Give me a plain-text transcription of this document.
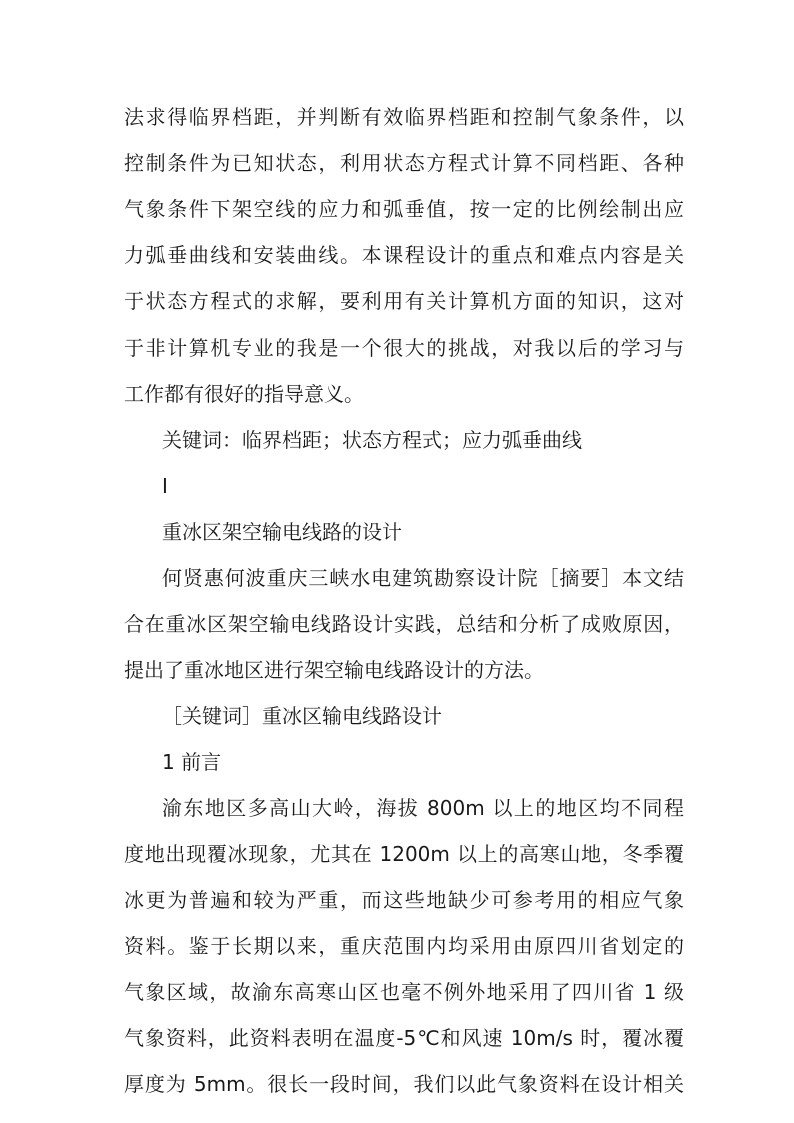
法求得临界档距，并判断有效临界档距和控制气象条件，以
控制条件为已知状态，利用状态方程式计算不同档距、各种
气象条件下架空线的应力和弧垂值，按一定的比例绘制出应
力弧垂曲线和安装曲线。本课程设计的重点和难点内容是关
于状态方程式的求解，要利用有关计算机方面的知识，这对
于非计算机专业的我是一个很大的挑战，对我以后的学习与
工作都有很好的指导意义。
关键词：临界档距；状态方程式；应力弧垂曲线
I
重冰区架空输电线路的设计
何贤惠何波重庆三峡水电建筑勘察设计院［摘要］本文结
合在重冰区架空输电线路设计实践，总结和分析了成败原因，
提出了重冰地区进行架空输电线路设计的方法。
［关键词］重冰区输电线路设计
1 前言
渝东地区多高山大岭，海拔 800m 以上的地区均不同程
度地出现覆冰现象，尤其在 1200m 以上的高寒山地，冬季覆
冰更为普遍和较为严重，而这些地缺少可参考用的相应气象
资料。鉴于长期以来，重庆范围内均采用由原四川省划定的
气象区域，故渝东高寒山区也毫不例外地采用了四川省 1 级
气象资料，此资料表明在温度-5℃和风速 10m/s 时，覆冰覆
厚度为 5mm。很长一段时间，我们以此气象资料在设计相关
